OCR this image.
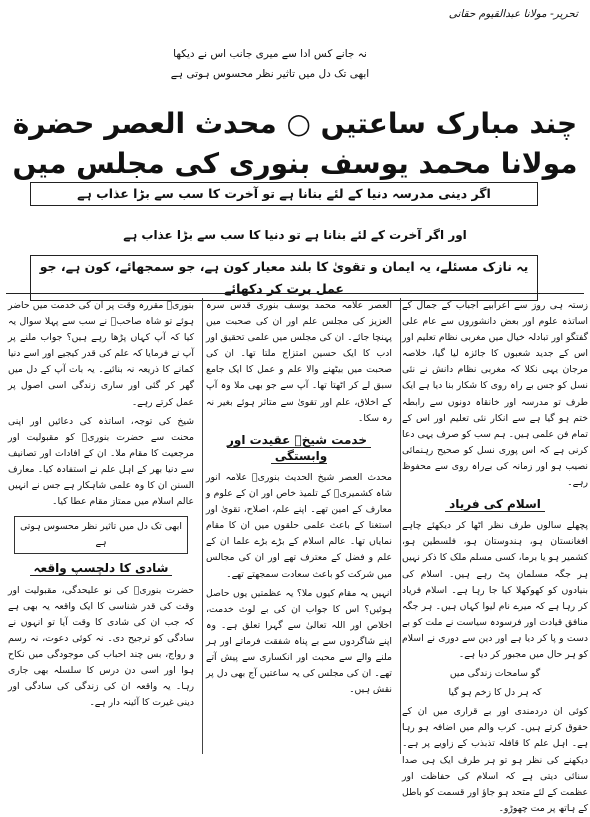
تحریر- مولانا عبدالقیوم حقانی
نہ جانے کس ادا سے میری جانب اس نے دیکھا
ابھی تک دل میں تاثیر نظر محسوس ہوتی ہے
چند مبارک ساعتیں ○ محدث العصر حضرة مولانا محمد یوسف بنوری کی مجلس میں
اگر دینی مدرسہ دنیا کے لئے بنانا ہے تو آخرت کا سب سے بڑا عذاب ہے
اور اگر آخرت کے لئے بنانا ہے تو دنیا کا سب سے بڑا عذاب ہے
یہ نازک مسئلے، یہ ایمان و تقویٰ کا بلند معیار کون ہے، جو سمجھائے، کون ہے، جو عمل برت کر دکھائے

زستہ ہی روز سے اعرابیے اجباب کے جمال کے اساتذہ علوم اور بعض دانشوروں سے عام علی گفتگو اور تبادلہ خیال میں مغربی نظام تعلیم اور اس کے جدید شعبوں کا جائزہ لیا گیا، خلاصہ مرجان یہی نکلا کہ مغربی نظام دانش نے نئی نسل کو جس بے راہ روی کا شکار بنا دیا ہے ایک طرف تو مدرسہ اور خانقاہ دونوں سے رابطہ ختم ہو گیا ہے سے انکار نئی تعلیم اور اس کے تمام فن علمی ہیں۔ ہم سب کو صرف یہی دعا کرنی ہے کہ اس پوری نسل کو صحیح رہنمائی نصیب ہو اور زمانہ کی بےراہ روی سے محفوظ رہے۔

اسلام کی فریاد

پچھلے سالوں طرف نظر اٹھا کر دیکھئے چاہے افغانستان ہو، ہندوستان ہو، فلسطین ہو، کشمیر ہو یا برما، کسی مسلم ملک کا ذکر نہیں ہر جگہ مسلمان پٹ رہے ہیں۔ اسلام کی بنیادوں کو کھوکھلا کیا جا رہا ہے۔ اسلام فریاد کر رہا ہے کہ میرے نام لیوا کہاں ہیں۔ ہر جگہ منافق قیادت اور فرسودہ سیاست نے ملت کو بے دست و پا کر دیا ہے اور دین سے دوری نے اسلام کو ہر حال میں مجبور کر دیا ہے۔

گو سامحات زندگی میں

کہ ہر دل کا زخم ہو گیا

کوئی ان دردمندی اور بے قراری میں ان کے حقوق کرتے ہیں۔ کرب والم میں اضافہ ہو رہا ہے۔ اہل علم کا قافلہ تذبذب کے زاویے پر ہے۔ دیکھنے کی نظر ہو تو ہر طرف ایک ہی صدا سنائی دیتی ہے کہ اسلام کی حفاظت اور عظمت کے لئے متحد ہو جاؤ اور قسمت کو باطل کے ہاتھ پر مت چھوڑو۔

العصر علامہ محمد یوسف بنوری قدس سرہ العزیز کی مجلس علم اور ان کی صحبت میں پہنچا جائے۔ ان کی مجلس میں علمی تحقیق اور ادب کا ایک حسین امتزاج ملتا تھا۔ ان کی صحبت میں بیٹھنے والا علم و عمل کا ایک جامع سبق لے کر اٹھتا تھا۔ آپ سے جو بھی ملا وہ آپ کے اخلاق، علم اور تقویٰ سے متاثر ہوئے بغیر نہ رہ سکا۔

خدمت شیخؒ عقیدت اور وابستگی

محدث العصر شیخ الحدیث بنوریؒ علامہ انور شاہ کشمیریؒ کے تلمیذ خاص اور ان کے علوم و معارف کے امین تھے۔ اپنے علم، اصلاح، تقویٰ اور استغنا کے باعث علمی حلقوں میں ان کا مقام نمایاں تھا۔ عالم اسلام کے بڑے بڑے علما ان کے علم و فضل کے معترف تھے اور ان کی مجالس میں شرکت کو باعث سعادت سمجھتے تھے۔

انہیں یہ مقام کیوں ملا؟ یہ عظمتیں یوں حاصل ہوئیں؟ اس کا جواب ان کی بے لوث خدمت، اخلاص اور اللہ تعالیٰ سے گہرا تعلق ہے۔ وہ اپنے شاگردوں سے بے پناہ شفقت فرماتے اور ہر ملنے والے سے محبت اور انکساری سے پیش آتے تھے۔ ان کی مجلس کی یہ ساعتیں آج بھی دل پر نقش ہیں۔

بنوریؒ مقررہ وقت پر ان کی خدمت میں حاضر ہوئے تو شاہ صاحبؒ نے سب سے پہلا سوال یہ کیا کہ آپ کہاں پڑھا رہے ہیں؟ جواب ملنے پر آپ نے فرمایا کہ علم کی قدر کیجیے اور اسے دنیا کمانے کا ذریعہ نہ بنائیے۔ یہ بات آپ کے دل میں گھر کر گئی اور ساری زندگی اسی اصول پر عمل کرتے رہے۔

شیخ کی توجہ، اساتذہ کی دعائیں اور اپنی محنت سے حضرت بنوریؒ کو مقبولیت اور مرجعیت کا مقام ملا۔ ان کے افادات اور تصانیف سے دنیا بھر کے اہل علم نے استفادہ کیا۔ معارف السنن ان کا وہ علمی شاہکار ہے جس نے انہیں عالم اسلام میں ممتاز مقام عطا کیا۔

ابھی تک دل میں تاثیر نظر محسوس ہوتی ہے
شادی کا دلچسپ واقعہ

حضرت بنوریؒ کی نو علیحدگی، مقبولیت اور وقت کی قدر شناسی کا ایک واقعہ یہ بھی ہے کہ جب ان کی شادی کا وقت آیا تو انہوں نے سادگی کو ترجیح دی۔ نہ کوئی دعوت، نہ رسم و رواج، بس چند احباب کی موجودگی میں نکاح ہوا اور اسی دن درس کا سلسلہ بھی جاری رہا۔ یہ واقعہ ان کی زندگی کی سادگی اور دینی غیرت کا آئینہ دار ہے۔
